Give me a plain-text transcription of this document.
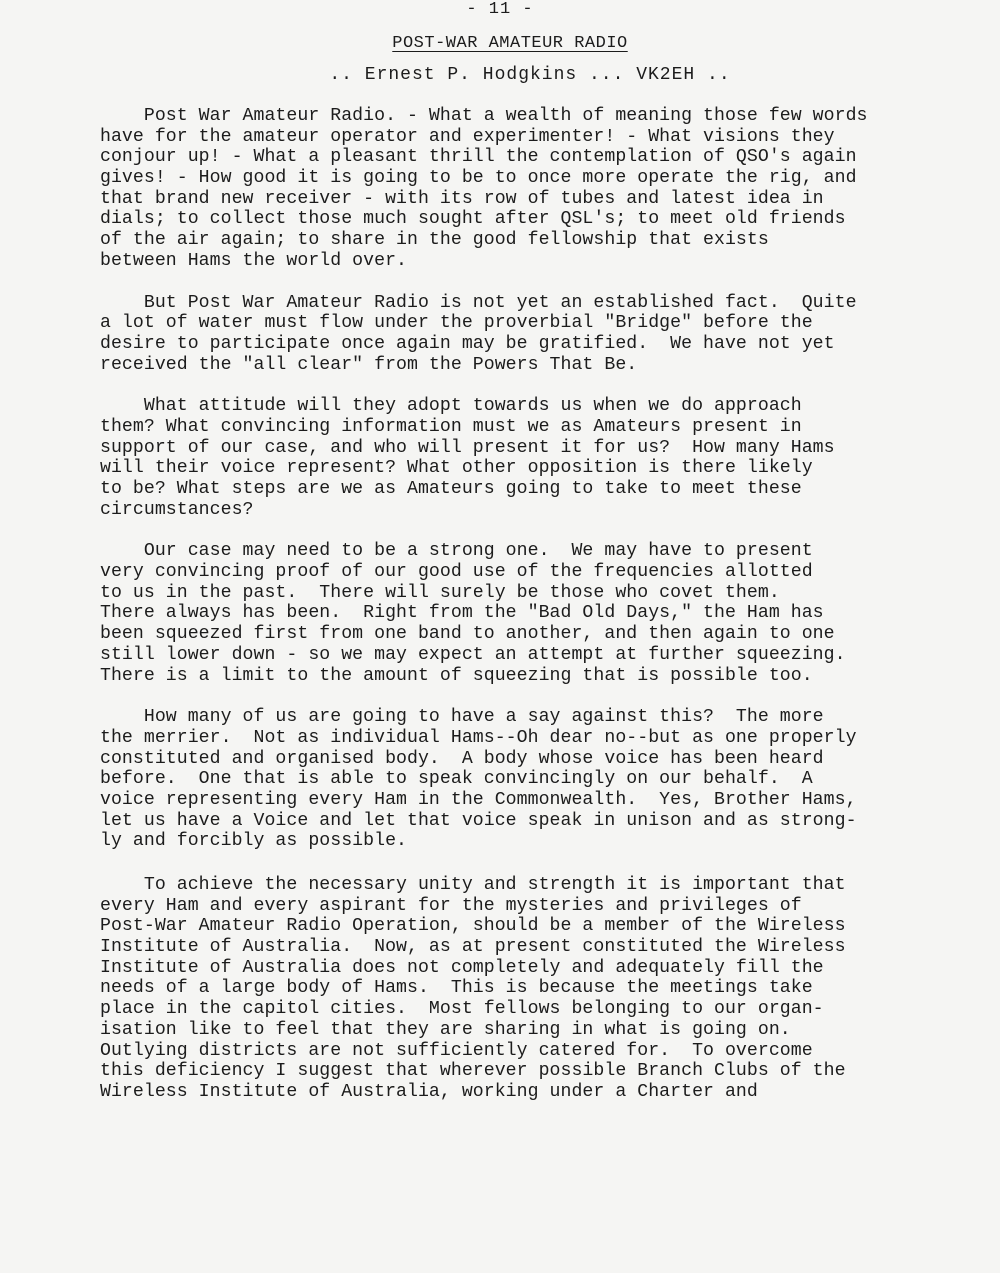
- 11 -
POST-WAR AMATEUR RADIO
.. Ernest P. Hodgkins ... VK2EH ..
Post War Amateur Radio. - What a wealth of meaning those few words
have for the amateur operator and experimenter! - What visions they
conjour up! - What a pleasant thrill the contemplation of QSO's again
gives! - How good it is going to be to once more operate the rig, and
that brand new receiver - with its row of tubes and latest idea in
dials; to collect those much sought after QSL's; to meet old friends
of the air again; to share in the good fellowship that exists
between Hams the world over.
But Post War Amateur Radio is not yet an established fact.  Quite
a lot of water must flow under the proverbial "Bridge" before the
desire to participate once again may be gratified.  We have not yet
received the "all clear" from the Powers That Be.
What attitude will they adopt towards us when we do approach
them? What convincing information must we as Amateurs present in
support of our case, and who will present it for us?  How many Hams
will their voice represent? What other opposition is there likely
to be? What steps are we as Amateurs going to take to meet these
circumstances?
Our case may need to be a strong one.  We may have to present
very convincing proof of our good use of the frequencies allotted
to us in the past.  There will surely be those who covet them.
There always has been.  Right from the "Bad Old Days," the Ham has
been squeezed first from one band to another, and then again to one
still lower down - so we may expect an attempt at further squeezing.
There is a limit to the amount of squeezing that is possible too.
How many of us are going to have a say against this?  The more
the merrier.  Not as individual Hams--Oh dear no--but as one properly
constituted and organised body.  A body whose voice has been heard
before.  One that is able to speak convincingly on our behalf.  A
voice representing every Ham in the Commonwealth.  Yes, Brother Hams,
let us have a Voice and let that voice speak in unison and as strong-
ly and forcibly as possible.
To achieve the necessary unity and strength it is important that
every Ham and every aspirant for the mysteries and privileges of
Post-War Amateur Radio Operation, should be a member of the Wireless
Institute of Australia.  Now, as at present constituted the Wireless
Institute of Australia does not completely and adequately fill the
needs of a large body of Hams.  This is because the meetings take
place in the capitol cities.  Most fellows belonging to our organ-
isation like to feel that they are sharing in what is going on.
Outlying districts are not sufficiently catered for.  To overcome
this deficiency I suggest that wherever possible Branch Clubs of the
Wireless Institute of Australia, working under a Charter and
